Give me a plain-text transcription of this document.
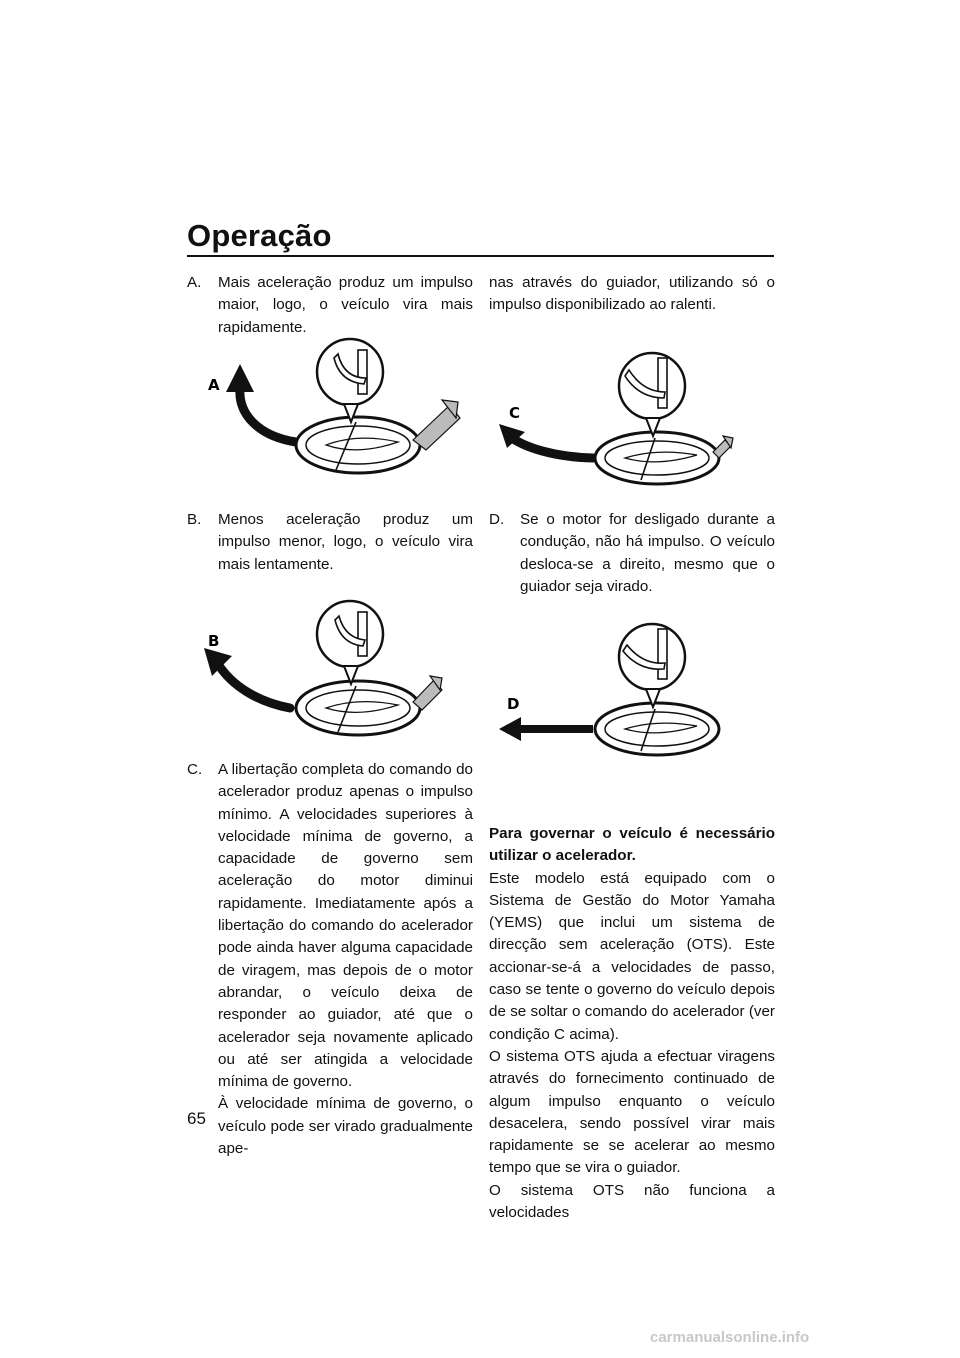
Operação
A. Mais aceleração produz um impulso maior, logo, o veículo vira mais rapidamente.
A
B. Menos aceleração produz um impulso menor, logo, o veículo vira mais lentamente.
B
C. A libertação completa do comando do acelerador produz apenas o impulso mínimo. A velocidades superiores à velocidade mínima de governo, a capacidade de governo sem aceleração do motor diminui rapidamente. Imediatamente após a libertação do comando do acelerador pode ainda haver alguma capacidade de viragem, mas depois de o motor abrandar, o veículo deixa de responder ao guiador, até que o acelerador seja novamente aplicado ou até ser atingida a velocidade mínima de governo.
À velocidade mínima de governo, o veículo pode ser virado gradualmente ape-

nas através do guiador, utilizando só o impulso disponibilizado ao ralenti.

C
D. Se o motor for desligado durante a condução, não há impulso. O veículo desloca-se a direito, mesmo que o guiador seja virado.
D

Para governar o veículo é necessário utilizar o acelerador.

Este modelo está equipado com o Sistema de Gestão do Motor Yamaha (YEMS) que inclui um sistema de direcção sem aceleração (OTS). Este accionar-se-á a velocidades de passo, caso se tente o governo do veículo depois de se soltar o comando do acelerador (ver condição C acima).

O sistema OTS ajuda a efectuar viragens através do fornecimento continuado de algum impulso enquanto o veículo desacelera, sendo possível virar mais rapidamente se se acelerar ao mesmo tempo que se vira o guiador.

O sistema OTS não funciona a velocidades

65
carmanualsonline.info
